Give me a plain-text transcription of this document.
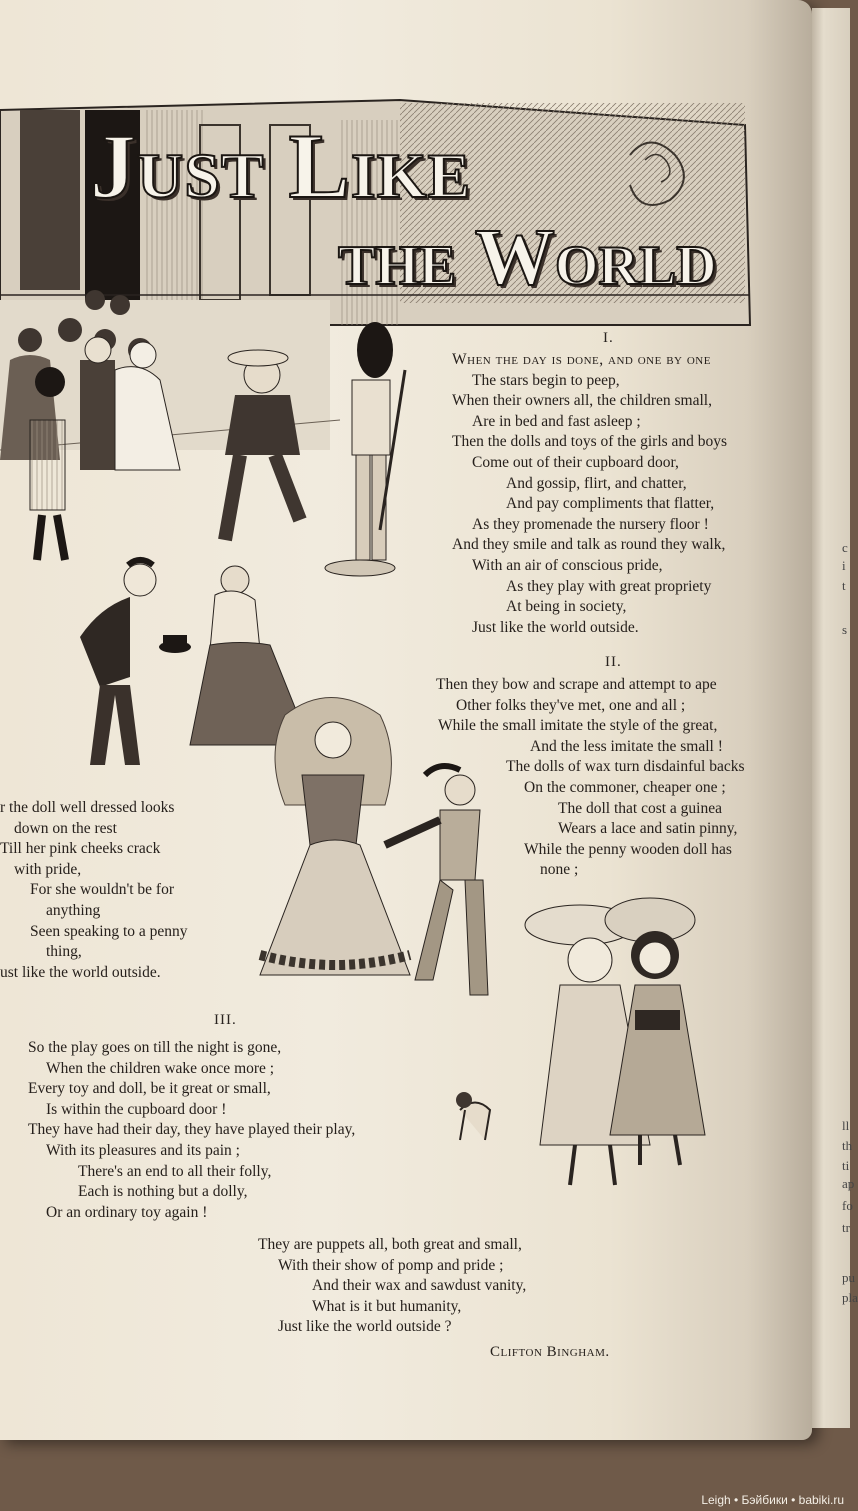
Just Like
the World
I.
When the day is done, and one by one
The stars begin to peep,
When their owners all, the children small,
Are in bed and fast asleep ;
Then the dolls and toys of the girls and boys
Come out of their cupboard door,
And gossip, flirt, and chatter,
And pay compliments that flatter,
As they promenade the nursery floor !
And they smile and talk as round they walk,
With an air of conscious pride,
As they play with great propriety
At being in society,
Just like the world outside.
II.
Then they bow and scrape and attempt to ape
Other folks they've met, one and all ;
While the small imitate the style of the great,
And the less imitate the small !
The dolls of wax turn disdainful backs
On the commoner, cheaper one ;
The doll that cost a guinea
Wears a lace and satin pinny,
While the penny wooden doll has
none ;
r the doll well dressed looks
down on the rest
Till her pink cheeks crack
with pride,
For she wouldn't be for
anything
Seen speaking to a penny
thing,
ust like the world outside.
III.
So the play goes on till the night is gone,
When the children wake once more ;
Every toy and doll, be it great or small,
Is within the cupboard door !
They have had their day, they have played their play,
With its pleasures and its pain ;
There's an end to all their folly,
Each is nothing but a dolly,
Or an ordinary toy again !
They are puppets all, both great and small,
With their show of pomp and pride ;
And their wax and sawdust vanity,
What is it but humanity,
Just like the world outside ?
Clifton Bingham.
c
i
t
s
ll
th
ti
ap
fo
tr
pu
pla
Leigh • Бэйбики • babiki.ru
